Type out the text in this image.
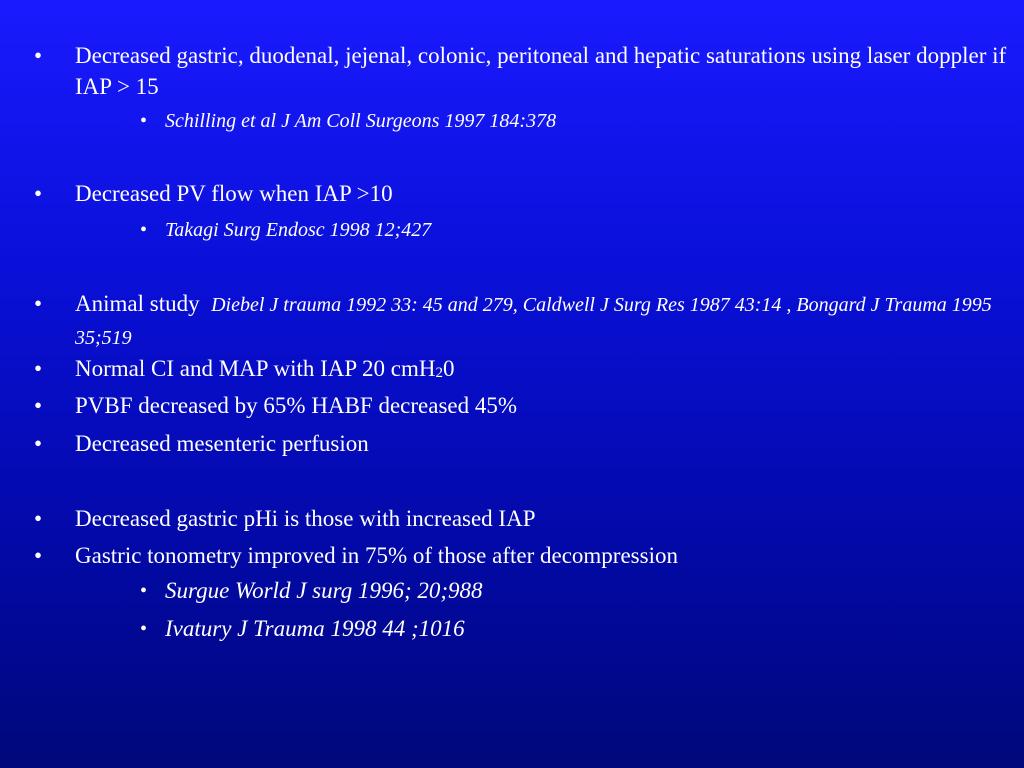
•	Decreased gastric, duodenal, jejenal, colonic, peritoneal and hepatic saturations using laser doppler if IAP > 15
• Schilling et al J Am Coll Surgeons 1997 184:378
•	Decreased PV flow when IAP >10
• Takagi Surg Endosc 1998 12;427
•	Animal study Diebel J trauma 1992 33: 45 and 279, Caldwell J Surg Res 1987 43:14 , Bongard J Trauma 1995 35;519
•	Normal CI and MAP with IAP 20 cmH20
•	PVBF decreased by 65% HABF decreased 45%
•	Decreased mesenteric perfusion
•	Decreased gastric pHi is those with increased IAP
•	Gastric tonometry improved in 75% of those after decompression
• Surgue World J surg 1996; 20;988
• Ivatury J Trauma 1998 44 ;1016
